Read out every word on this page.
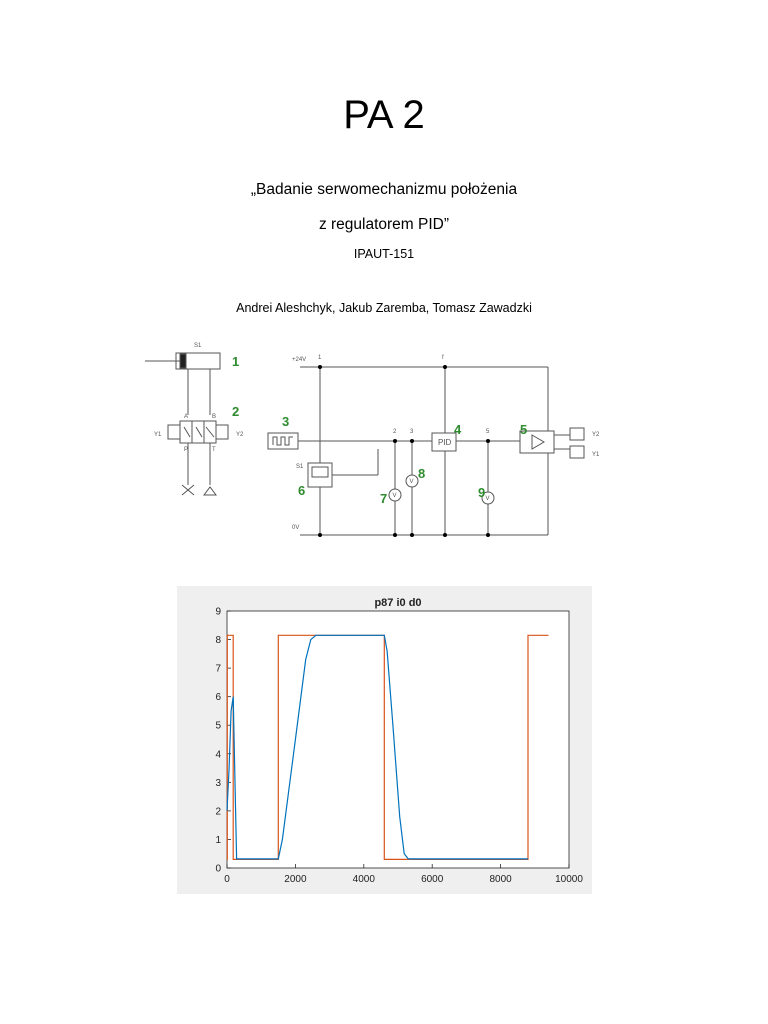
PA 2
„Badanie serwomechanizmu położenia
z regulatorem PID”
IPAUT-151
Andrei Aleshchyk, Jakub Zaremba, Tomasz Zawadzki
S1
Y1	Y2
A	B
P	T
+24V
0V
1	f
2 3	5
S1
Y2
Y1
V
V
V
PID
1
2
3
4	5
6
7
8
9
p87 i0 d0
0
1
2
3
4
5
6
7
8
9
0	2000	4000	6000	8000	10000
